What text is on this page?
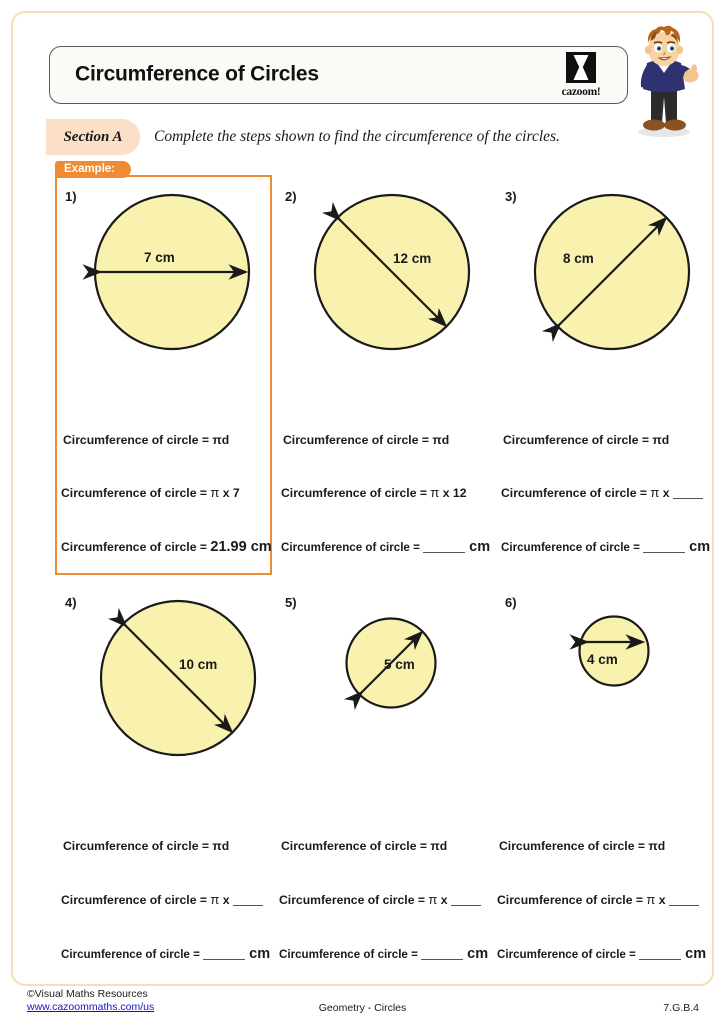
Circumference of Circles
cazoom!
Section A	Complete the steps shown to find the circumference of the circles.
Example:
1)
7 cm
Circumference of circle = πd
Circumference of circle = π x 7
Circumference of circle = 21.99 cm
2)
12 cm
Circumference of circle = πd
Circumference of circle = π x 12
Circumference of circle =	cm
3)
8 cm
Circumference of circle = πd
Circumference of circle = π x
Circumference of circle =	cm
4)
10 cm
Circumference of circle = πd
Circumference of circle = π x
Circumference of circle =	cm
5)
5 cm
Circumference of circle = πd
Circumference of circle = π x
Circumference of circle =	cm
6)
4 cm
Circumference of circle = πd
Circumference of circle = π x
Circumference of circle =	cm
©Visual Maths Resources
www.cazoommaths.com/us	Geometry - Circles	7.G.B.4
